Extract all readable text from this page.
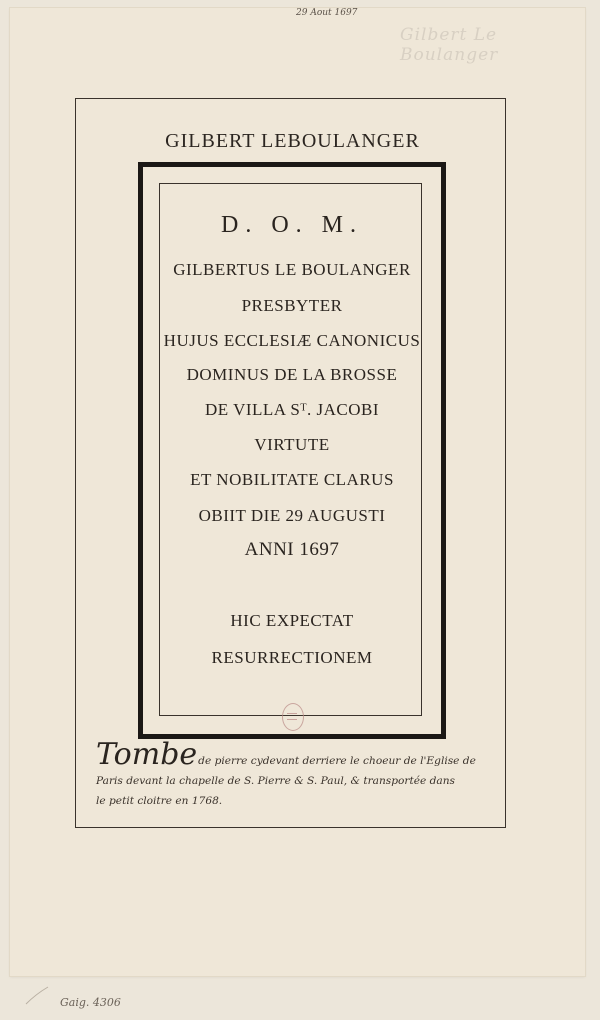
29 Aout 1697
Gilbert Le Boulanger
GILBERT LEBOULANGER
D. O. M.
GILBERTUS LE BOULANGER
PRESBYTER
HUJUS ECCLESIÆ CANONICUS
DOMINUS DE LA BROSSE
DE VILLA Sᵀ. JACOBI
VIRTUTE
ET NOBILITATE CLARUS
OBIIT DIE 29 AUGUSTI
ANNI 1697
HIC EXPECTAT
RESURRECTIONEM
Tombede pierre cydevant derriere le choeur de l'Eglise de
Paris devant la chapelle de S. Pierre & S. Paul, & transportée dans
le petit cloitre en 1768.
Gaig. 4306
